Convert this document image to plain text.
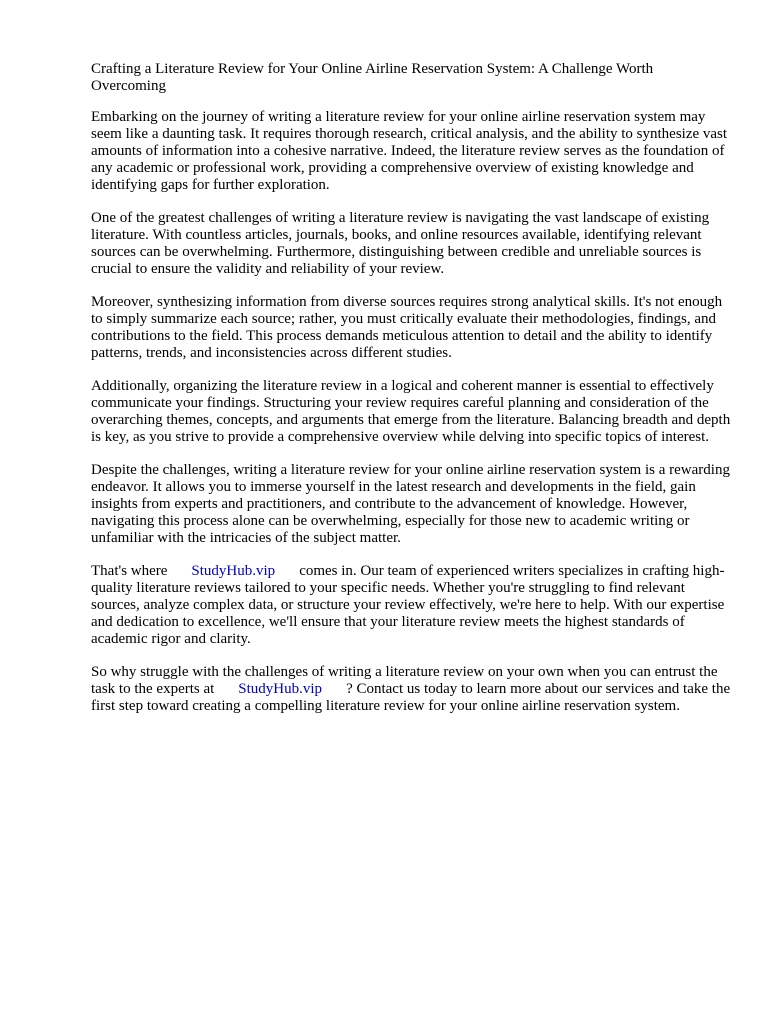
Crafting a Literature Review for Your Online Airline Reservation System: A Challenge Worth Overcoming

Embarking on the journey of writing a literature review for your online airline reservation system may seem like a daunting task. It requires thorough research, critical analysis, and the ability to synthesize vast amounts of information into a cohesive narrative. Indeed, the literature review serves as the foundation of any academic or professional work, providing a comprehensive overview of existing knowledge and identifying gaps for further exploration.

One of the greatest challenges of writing a literature review is navigating the vast landscape of existing literature. With countless articles, journals, books, and online resources available, identifying relevant sources can be overwhelming. Furthermore, distinguishing between credible and unreliable sources is crucial to ensure the validity and reliability of your review.

Moreover, synthesizing information from diverse sources requires strong analytical skills. It's not enough to simply summarize each source; rather, you must critically evaluate their methodologies, findings, and contributions to the field. This process demands meticulous attention to detail and the ability to identify patterns, trends, and inconsistencies across different studies.

Additionally, organizing the literature review in a logical and coherent manner is essential to effectively communicate your findings. Structuring your review requires careful planning and consideration of the overarching themes, concepts, and arguments that emerge from the literature. Balancing breadth and depth is key, as you strive to provide a comprehensive overview while delving into specific topics of interest.

Despite the challenges, writing a literature review for your online airline reservation system is a rewarding endeavor. It allows you to immerse yourself in the latest research and developments in the field, gain insights from experts and practitioners, and contribute to the advancement of knowledge. However, navigating this process alone can be overwhelming, especially for those new to academic writing or unfamiliar with the intricacies of the subject matter.

That's where StudyHub.vip comes in. Our team of experienced writers specializes in crafting high-quality literature reviews tailored to your specific needs. Whether you're struggling to find relevant sources, analyze complex data, or structure your review effectively, we're here to help. With our expertise and dedication to excellence, we'll ensure that your literature review meets the highest standards of academic rigor and clarity.

So why struggle with the challenges of writing a literature review on your own when you can entrust the task to the experts at StudyHub.vip ? Contact us today to learn more about our services and take the first step toward creating a compelling literature review for your online airline reservation system.
